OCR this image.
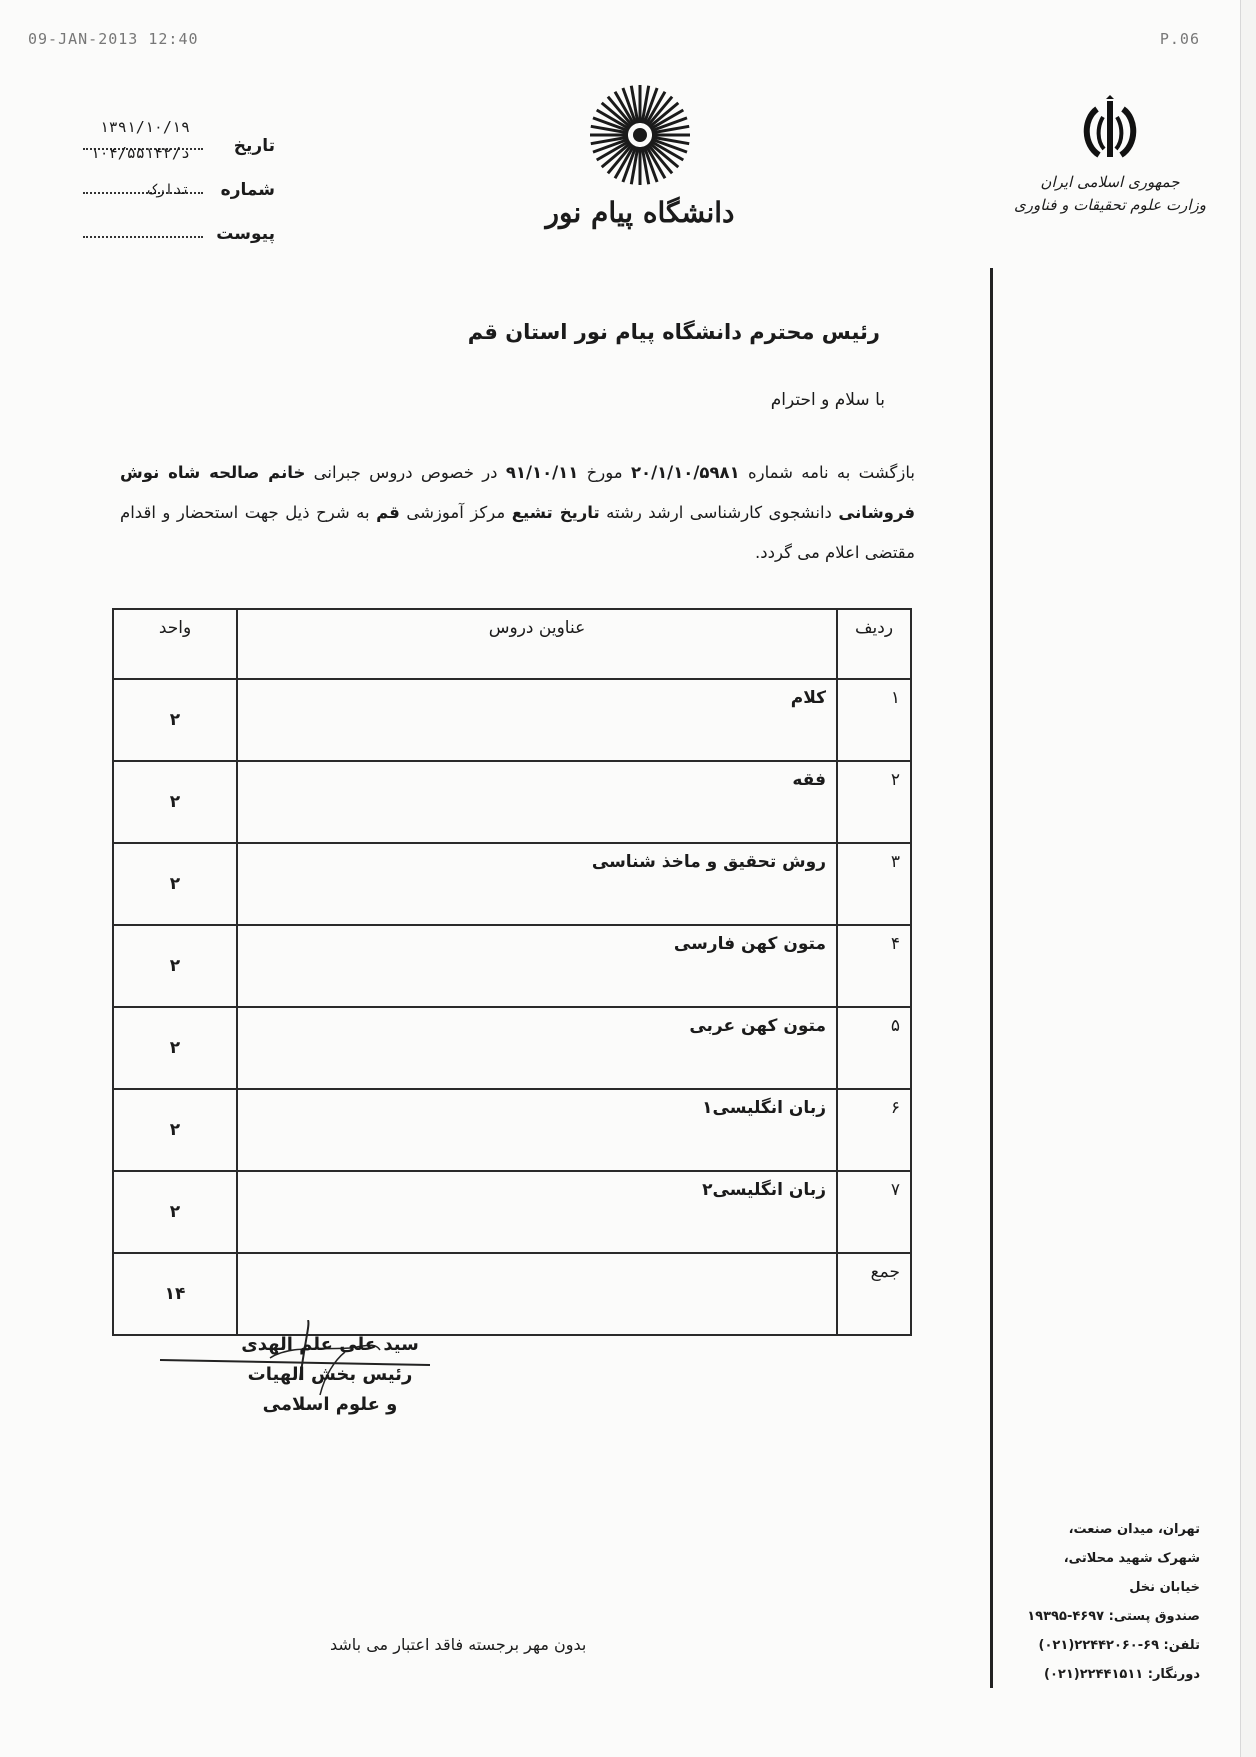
09-JAN-2013 12:40	P.06
جمهوری اسلامی ایران
وزارت علوم تحقیقات و فناوری
دانشگاه پیام نور
تاریخ
۱۳۹۱/۱۰/۱۹
شماره
۱۰۴/۵۵۱۴۲/د
تدارک
پیوست
رئیس محترم دانشگاه پیام نور استان قم
با سلام و احترام
بازگشت به نامه شماره ۲۰/۱/۱۰/۵۹۸۱ مورخ ۹۱/۱۰/۱۱ در خصوص دروس جبرانی خانم صالحه شاه نوش فروشانی دانشجوی کارشناسی ارشد رشته تاریخ تشیع مرکز آموزشی قم به شرح ذیل جهت استحضار و اقدام مقتضی اعلام می گردد.
ردیف	عناوین دروس	واحد
۱	کلام	۲
۲	فقه	۲
۳	روش تحقیق و ماخذ شناسی	۲
۴	متون کهن فارسی	۲
۵	متون کهن عربی	۲
۶	زبان انگلیسی۱	۲
۷	زبان انگلیسی۲	۲
جمع		۱۴
سید علی علم الهدی
رئیس بخش الهیات
و علوم اسلامی
بدون مهر برجسته فاقد اعتبار می باشد
تهران، میدان صنعت،
شهرک شهید محلاتی،
خیابان نخل
صندوق پستی: ۴۶۹۷-۱۹۳۹۵
تلفن: ۶۹-۲۲۴۴۲۰۶۰(۰۲۱)
دورنگار: ۲۲۴۴۱۵۱۱(۰۲۱)
